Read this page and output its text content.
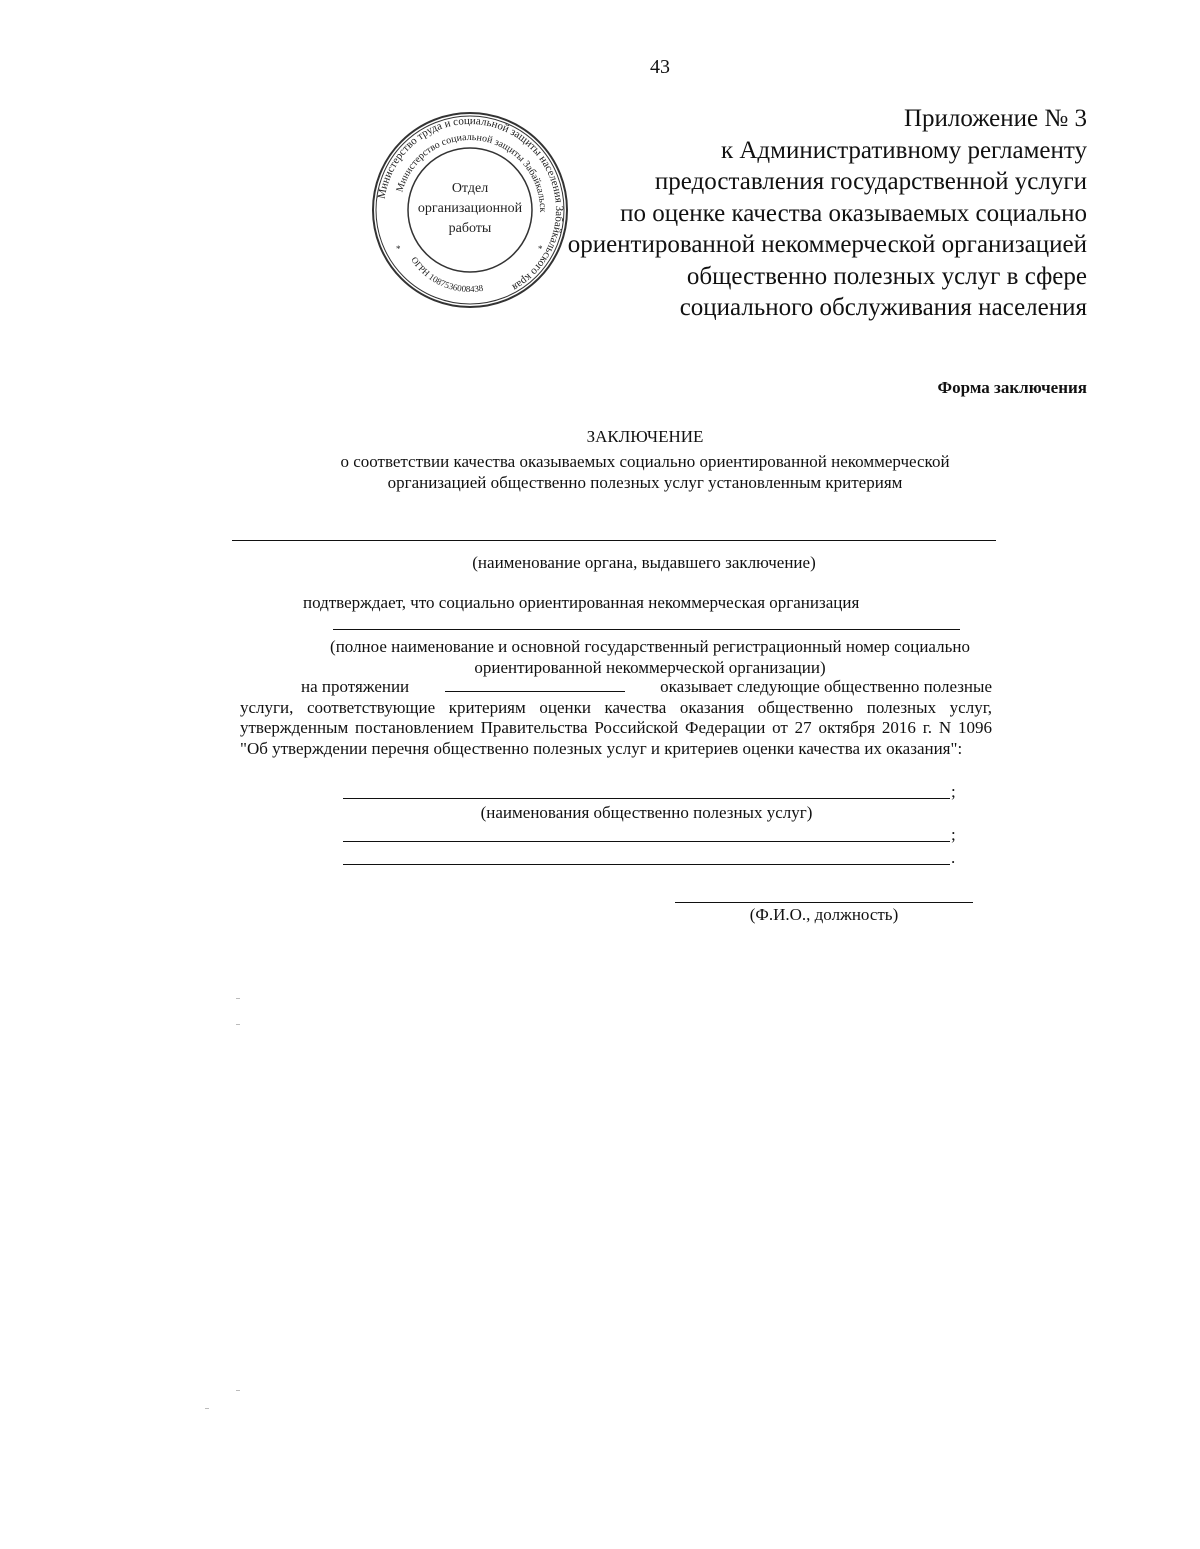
43
Министерство труда и социальной защиты населения Забайкальского края
Министерство социальной защиты Забайкальск
ОГРН 1087536008438
Отдел
организационной
работы
*	*
Приложение № 3
к Административному регламенту
предоставления государственной услуги
по оценке качества оказываемых социально
ориентированной некоммерческой организацией
общественно полезных услуг в сфере
социального обслуживания населения
Форма заключения
ЗАКЛЮЧЕНИЕ
о соответствии качества оказываемых социально ориентированной некоммерческой
организацией общественно полезных услуг установленным критериям
(наименование органа, выдавшего заключение)
подтверждает, что социально ориентированная некоммерческая организация
(полное наименование и основной государственный регистрационный номер социально
ориентированной некоммерческой организации)
на протяжении	оказывает следующие общественно полезные
услуги, соответствующие критериям оценки качества оказания общественно полезных услуг, утвержденным постановлением Правительства Российской Федерации от 27 октября 2016 г. N 1096 "Об утверждении перечня общественно полезных услуг и критериев оценки качества их оказания":
;
(наименования общественно полезных услуг)
;
.
(Ф.И.О., должность)
